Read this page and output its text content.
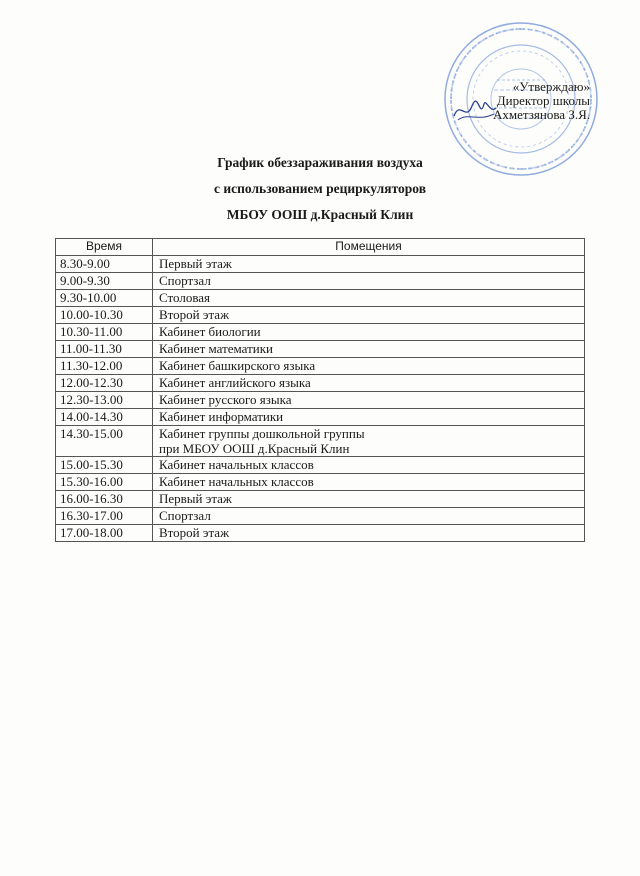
«Утверждаю»
Директор школы
Ахметзянова З.Я.
График обеззараживания воздуха
с использованием рециркуляторов
МБОУ ООШ д.Красный Клин
Время	Помещения
8.30-9.00	Первый этаж
9.00-9.30	Спортзал
9.30-10.00	Столовая
10.00-10.30	Второй этаж
10.30-11.00	Кабинет биологии
11.00-11.30	Кабинет математики
11.30-12.00	Кабинет башкирского языка
12.00-12.30	Кабинет английского языка
12.30-13.00	Кабинет русского языка
14.00-14.30	Кабинет информатики
14.30-15.00	Кабинет группы дошкольной группы
при МБОУ ООШ д.Красный Клин

15.00-15.30	Кабинет начальных классов
15.30-16.00	Кабинет начальных классов
16.00-16.30	Первый этаж
16.30-17.00	Спортзал
17.00-18.00	Второй этаж
